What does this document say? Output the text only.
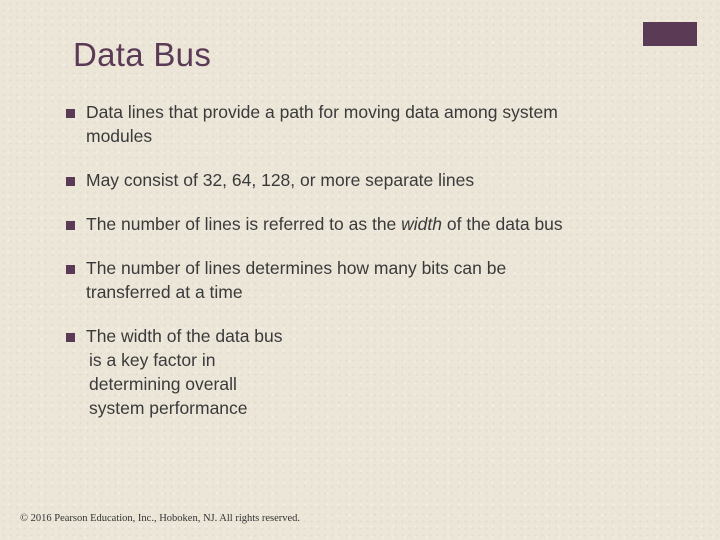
Data Bus
Data lines that provide a path for moving data among system
modules
May consist of 32, 64, 128, or more separate lines
The number of lines is referred to as the width of the data bus
The number of lines determines how many bits can be
transferred at a time
The width of the data bus
is a key factor in
determining overall
system performance
© 2016 Pearson Education, Inc., Hoboken, NJ. All rights reserved.
